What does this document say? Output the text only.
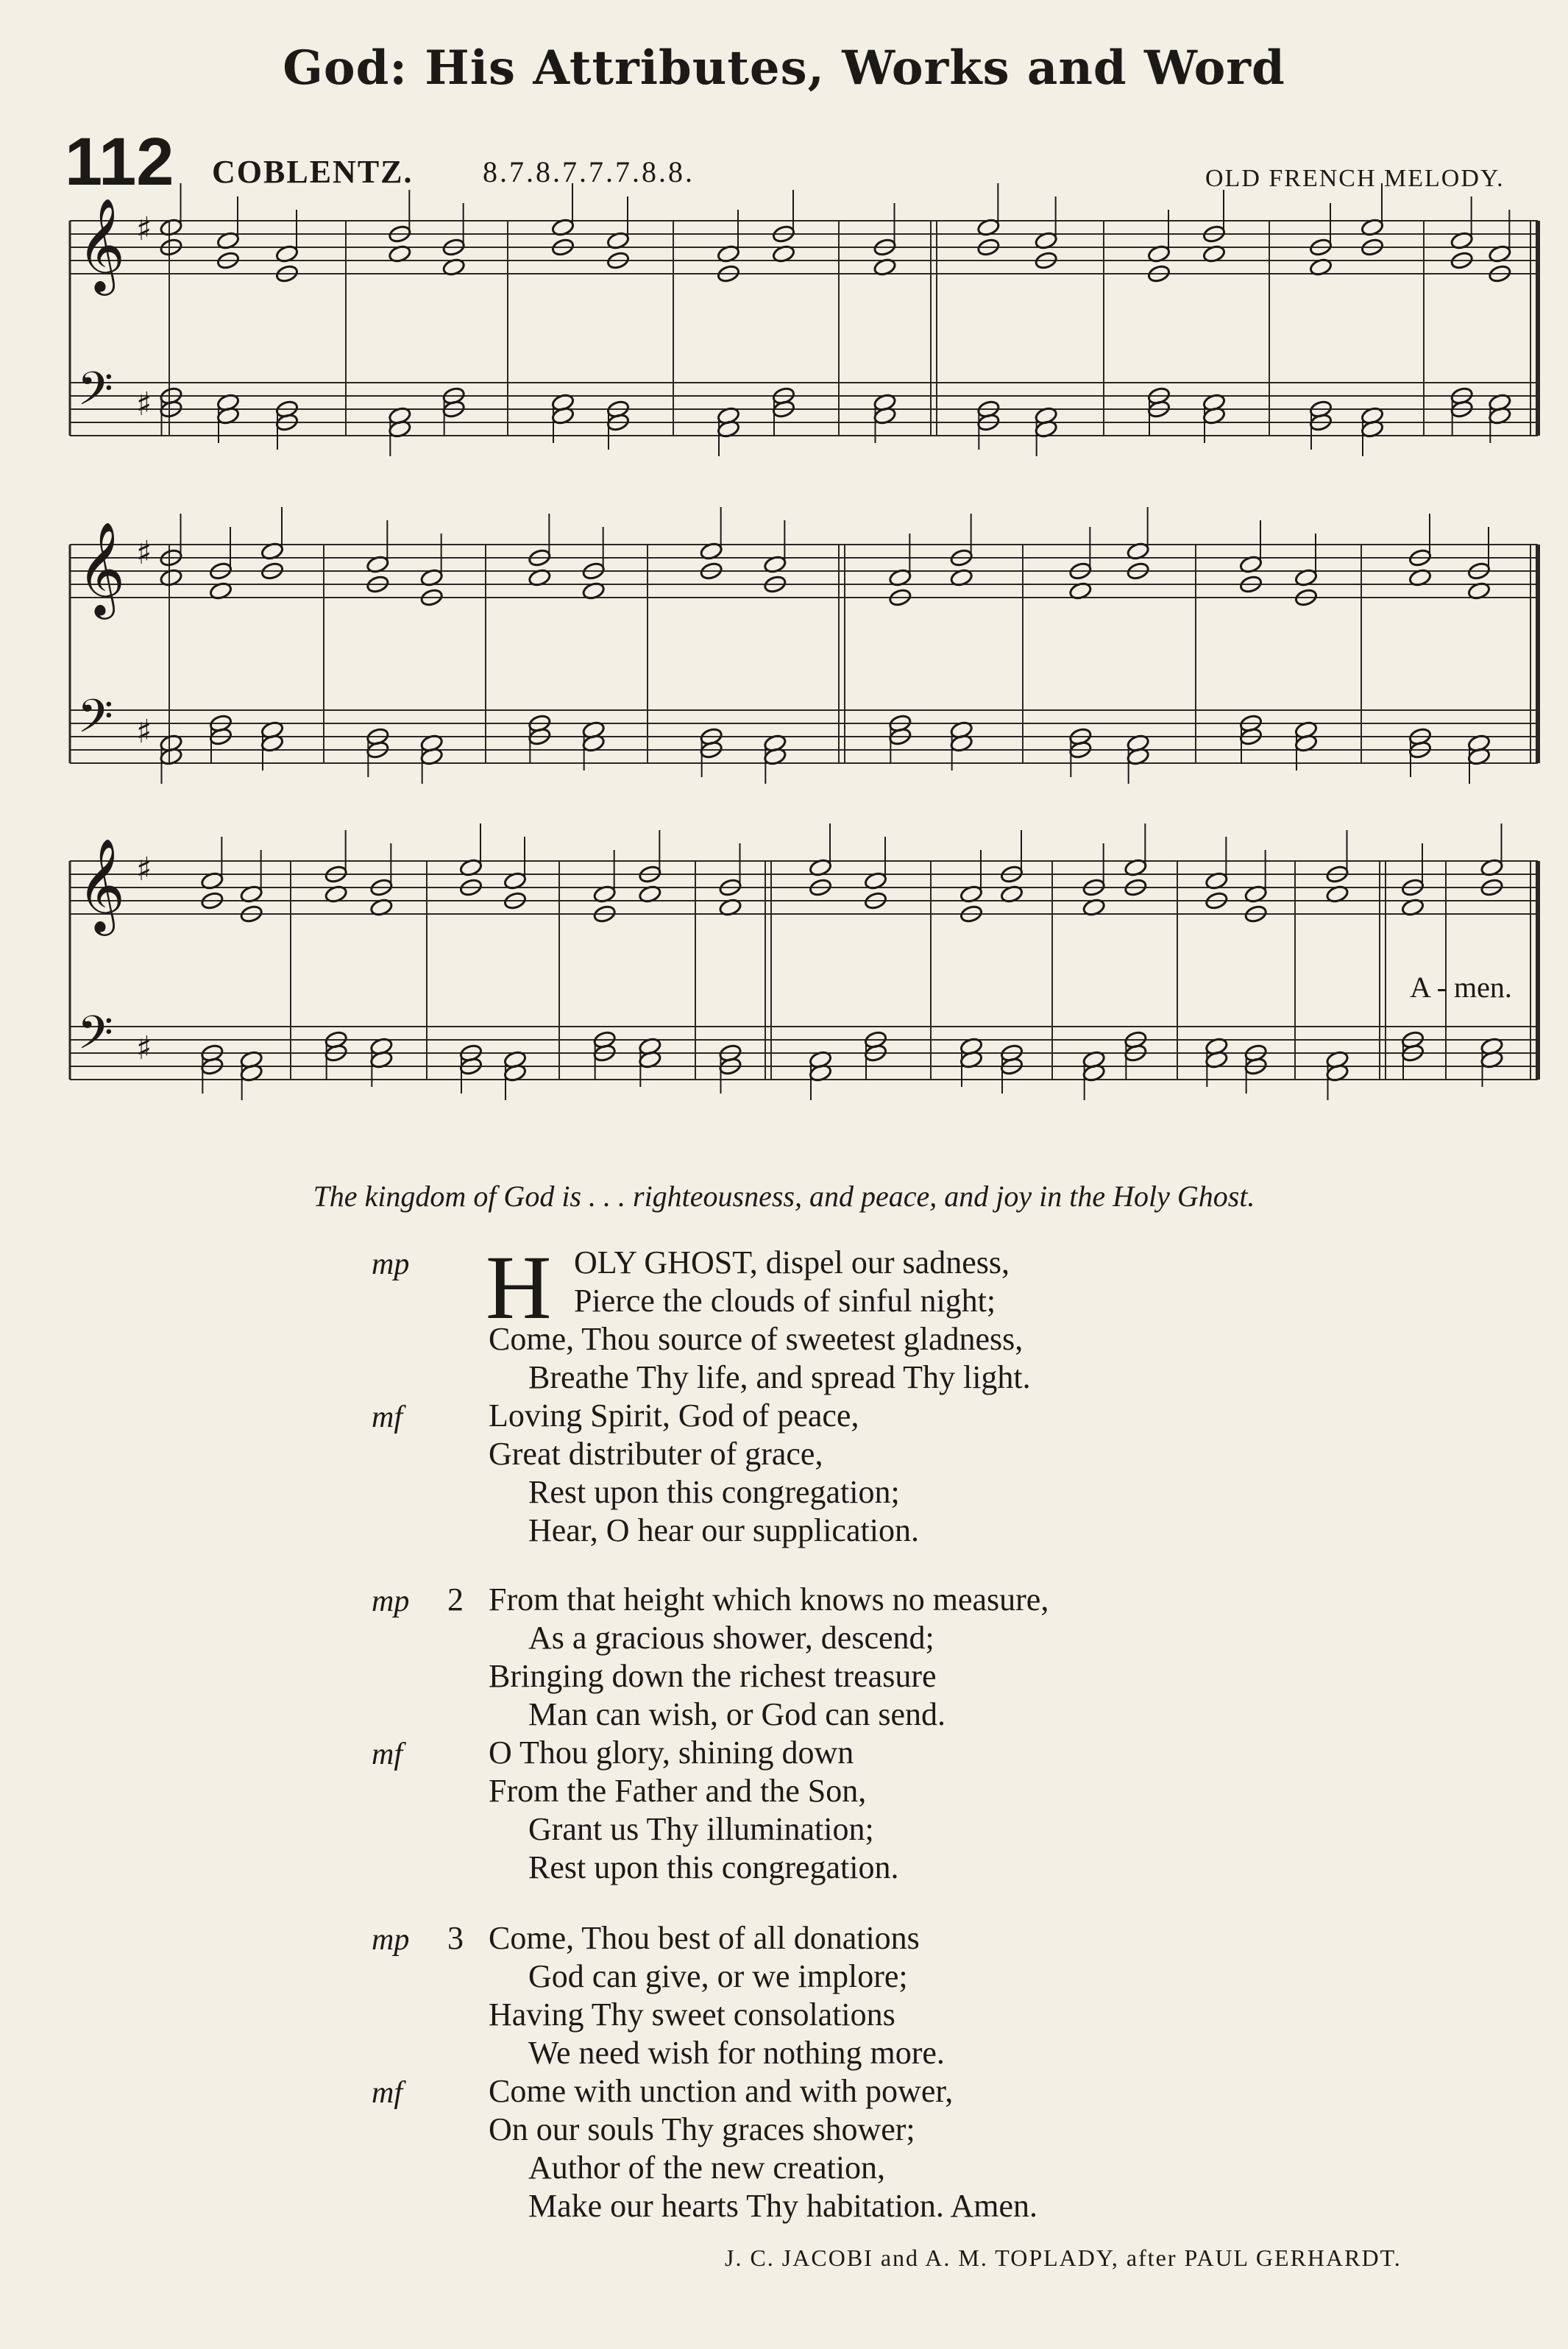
God: His Attributes, Works and Word
112 COBLENTZ. 8.7.8.7.7.7.8.8.	OLD FRENCH MELODY.
𝄞 ♯
𝄢 ♯
𝄞 ♯
𝄢 ♯
𝄞 ♯
𝄢 ♯
A - men.
The kingdom of God is . . . righteousness, and peace, and joy in the Holy Ghost.
H
mp	OLY GHOST, dispel our sadness,
Pierce the clouds of sinful night;
Come, Thou source of sweetest gladness,
Breathe Thy life, and spread Thy light.
mf	Loving Spirit, God of peace,
Great distributer of grace,
Rest upon this congregation;
Hear, O hear our supplication.
mp 2 From that height which knows no measure,
As a gracious shower, descend;
Bringing down the richest treasure
Man can wish, or God can send.
mf	O Thou glory, shining down
From the Father and the Son,
Grant us Thy illumination;
Rest upon this congregation.
mp 3 Come, Thou best of all donations
God can give, or we implore;
Having Thy sweet consolations
We need wish for nothing more.
mf	Come with unction and with power,
On our souls Thy graces shower;
Author of the new creation,
Make our hearts Thy habitation. Amen.
J. C. JACOBI and A. M. TOPLADY, after PAUL GERHARDT.
